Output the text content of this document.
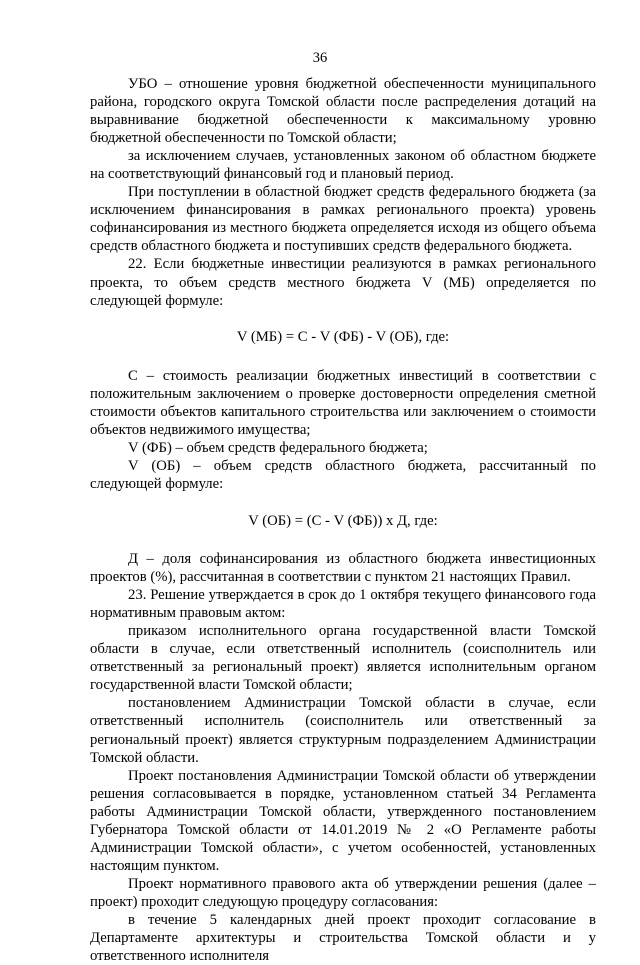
36

УБО – отношение уровня бюджетной обеспеченности муниципального района, городского округа Томской области после распределения дотаций на выравнивание бюджетной обеспеченности к максимальному уровню бюджетной обеспеченности по Томской области;

за исключением случаев, установленных законом об областном бюджете на соответствующий финансовый год и плановый период.

При поступлении в областной бюджет средств федерального бюджета (за исключением финансирования в рамках регионального проекта) уровень софинансирования из местного бюджета определяется исходя из общего объема средств областного бюджета и поступивших средств федерального бюджета.

22. Если бюджетные инвестиции реализуются в рамках регионального проекта, то объем средств местного бюджета V (МБ) определяется по следующей формуле:

V (МБ) = С - V (ФБ) - V (ОБ), где:

С – стоимость реализации бюджетных инвестиций в соответствии с положительным заключением о проверке достоверности определения сметной стоимости объектов капитального строительства или заключением о стоимости объектов недвижимого имущества;

V (ФБ) – объем средств федерального бюджета;

V (ОБ) – объем средств областного бюджета, рассчитанный по следующей формуле:

V (ОБ) = (С - V (ФБ)) x Д, где:

Д – доля софинансирования из областного бюджета инвестиционных проектов (%), рассчитанная в соответствии с пунктом 21 настоящих Правил.

23. Решение утверждается в срок до 1 октября текущего финансового года нормативным правовым актом:

приказом исполнительного органа государственной власти Томской области в случае, если ответственный исполнитель (соисполнитель или ответственный за региональный проект) является исполнительным органом государственной власти Томской области;

постановлением Администрации Томской области в случае, если ответственный исполнитель (соисполнитель или ответственный за региональный проект) является структурным подразделением Администрации Томской области.

Проект постановления Администрации Томской области об утверждении решения согласовывается в порядке, установленном статьей 34 Регламента работы Администрации Томской области, утвержденного постановлением Губернатора Томской области от 14.01.2019 № 2 «О Регламенте работы Администрации Томской области», с учетом особенностей, установленных настоящим пунктом.

Проект нормативного правового акта об утверждении решения (далее – проект) проходит следующую процедуру согласования:

в течение 5 календарных дней проект проходит согласование в Департаменте архитектуры и строительства Томской области и у ответственного исполнителя
